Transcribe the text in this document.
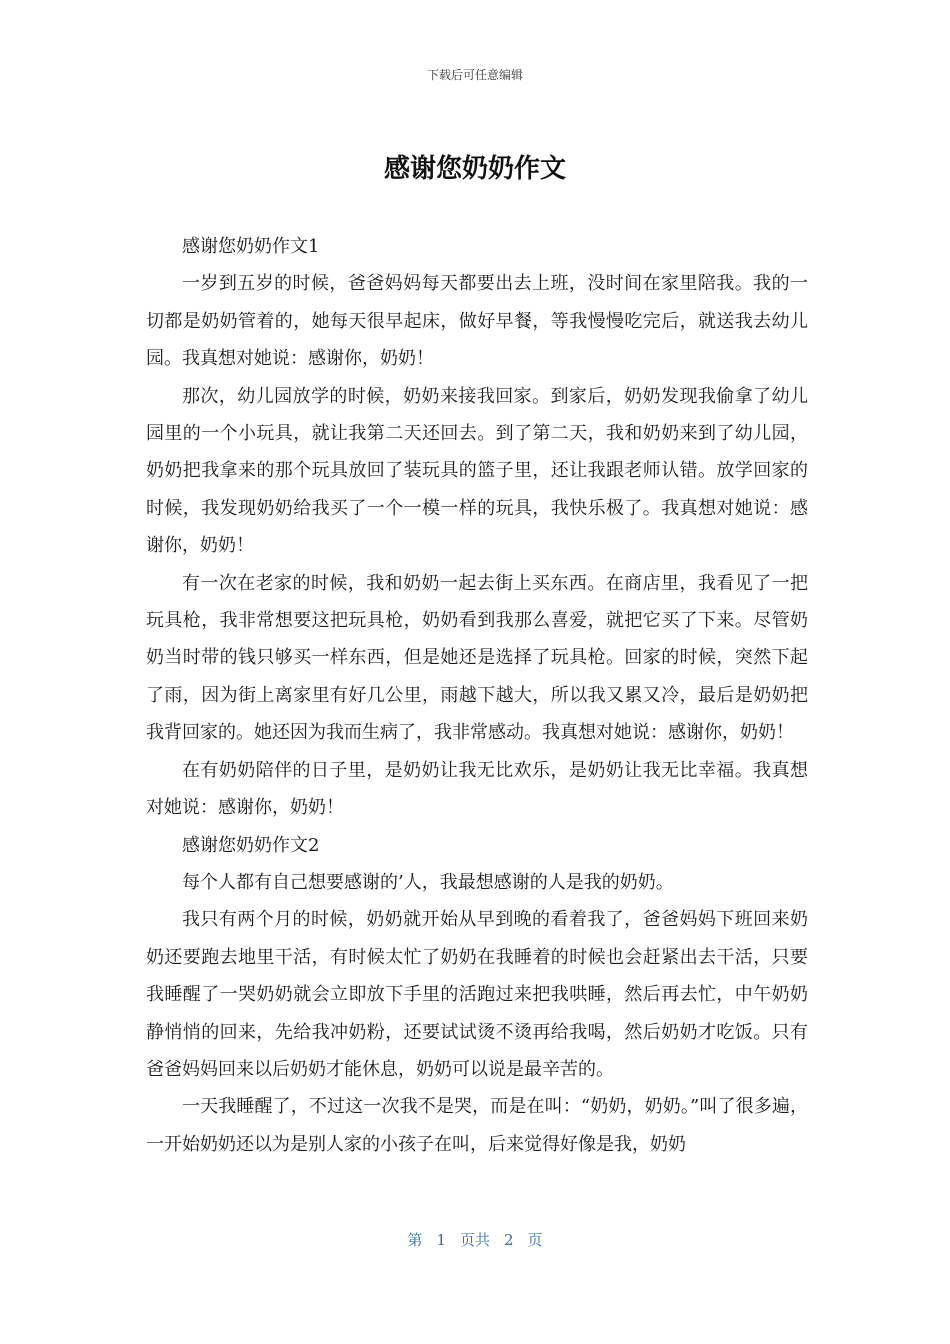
下载后可任意编辑
感谢您奶奶作文

感谢您奶奶作文1

一岁到五岁的时候，爸爸妈妈每天都要出去上班，没时间在家里陪我。我的一切都是奶奶管着的，她每天很早起床，做好早餐，等我慢慢吃完后，就送我去幼儿园。我真想对她说：感谢你，奶奶！

那次，幼儿园放学的时候，奶奶来接我回家。到家后，奶奶发现我偷拿了幼儿园里的一个小玩具，就让我第二天还回去。到了第二天，我和奶奶来到了幼儿园，奶奶把我拿来的那个玩具放回了装玩具的篮子里，还让我跟老师认错。放学回家的时候，我发现奶奶给我买了一个一模一样的玩具，我快乐极了。我真想对她说：感谢你，奶奶！

有一次在老家的时候，我和奶奶一起去街上买东西。在商店里，我看见了一把玩具枪，我非常想要这把玩具枪，奶奶看到我那么喜爱，就把它买了下来。尽管奶奶当时带的钱只够买一样东西，但是她还是选择了玩具枪。回家的时候，突然下起了雨，因为街上离家里有好几公里，雨越下越大，所以我又累又冷，最后是奶奶把我背回家的。她还因为我而生病了，我非常感动。我真想对她说：感谢你，奶奶！

在有奶奶陪伴的日子里，是奶奶让我无比欢乐，是奶奶让我无比幸福。我真想对她说：感谢你，奶奶！

感谢您奶奶作文2

每个人都有自己想要感谢的’人，我最想感谢的人是我的奶奶。

我只有两个月的时候，奶奶就开始从早到晚的看着我了，爸爸妈妈下班回来奶奶还要跑去地里干活，有时候太忙了奶奶在我睡着的时候也会赶紧出去干活，只要我睡醒了一哭奶奶就会立即放下手里的活跑过来把我哄睡，然后再去忙，中午奶奶静悄悄的回来，先给我冲奶粉，还要试试烫不烫再给我喝，然后奶奶才吃饭。只有爸爸妈妈回来以后奶奶才能休息，奶奶可以说是最辛苦的。

一天我睡醒了，不过这一次我不是哭，而是在叫：“奶奶，奶奶。”叫了很多遍，一开始奶奶还以为是别人家的小孩子在叫，后来觉得好像是我，奶奶

第 1 页共 2 页
